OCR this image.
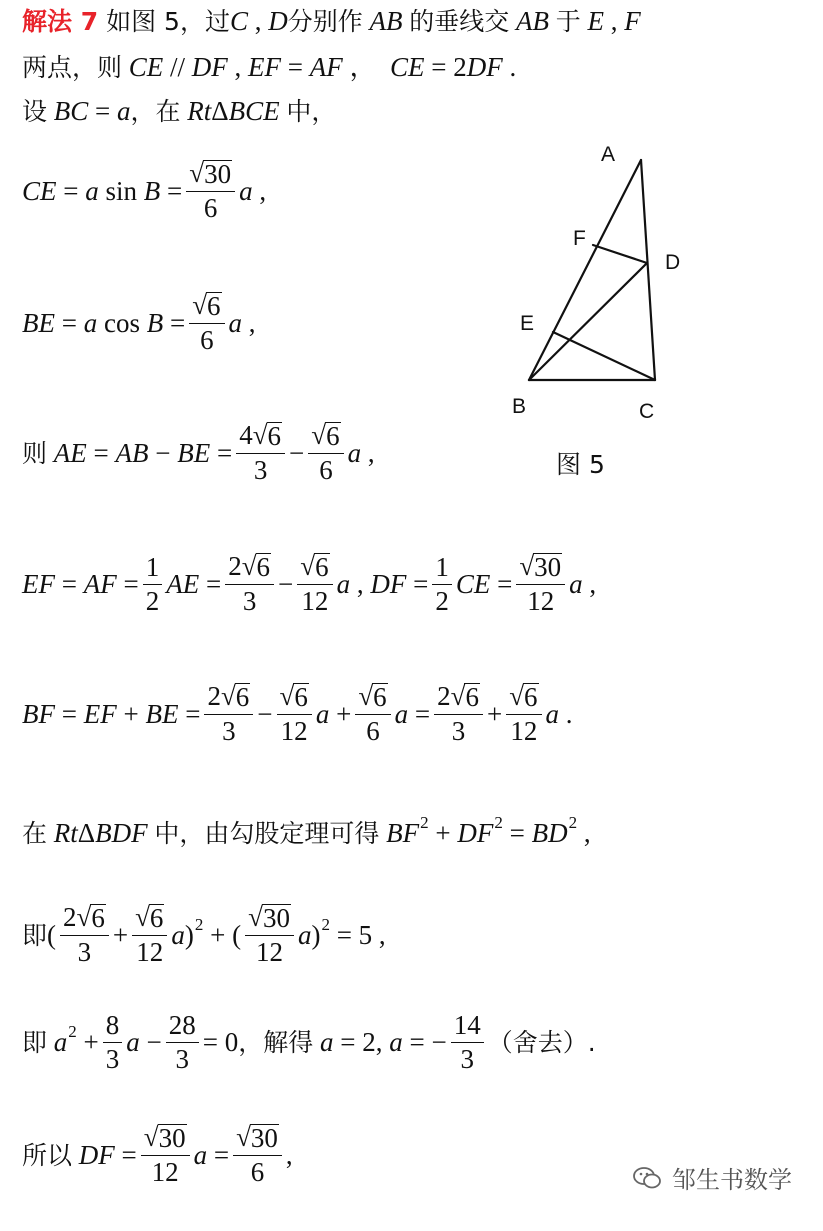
解法 7 如图 5，过 C , D 分别作
AB
的垂线交
AB
于
E , F
两点，则
CE // DF , EF = AF ， CE = 2 DF .
设
BC = a ，在
Rt Δ BCE
中，
CE = a $\sin B = \frac{√ 30}{6}$ a ,
BE = a $\cos B = \frac{√ 6}{6}$ a ,
A
F
D
E
B	C
则
AE = AB − BE = $\frac{4 √ 6}{3} - \frac{√ 6}{6}$ a ,	图 5
EF = AF = $\frac{1}{2}$ AE = $\frac{2 √ 6}{3} - \frac{√ 6}{12}$ a , DF = $\frac{1}{2}$ CE = $\frac{√ 30}{12}$ a ,
BF = EF + BE = $\frac{2 √ 6}{3} - \frac{√ 6}{12}$ $a + \frac{√ 6}{6}$ $a = \frac{2 √ 6}{3} + \frac{√ 6}{12}$ a .
在
Rt Δ BDF
中，由勾股定理可得
BF 2 + DF 2 = BD 2 ,
即 ( $\frac{2 √ 6}{3} + \frac{√ 6}{12}$ a ) 2 + ( $\frac{√ 30}{12}$ a ) 2 = 5 ,
即
a $2 + \frac{8}{3}$ $a - \frac{28}{3} = 0$ ，解得
a = 2, a = − $\frac{14}{3}$ （舍去）.
所以
DF = $\frac{√ 30}{12}$ $a = \frac{√ 30}{6}$ ,
邹生书数学
